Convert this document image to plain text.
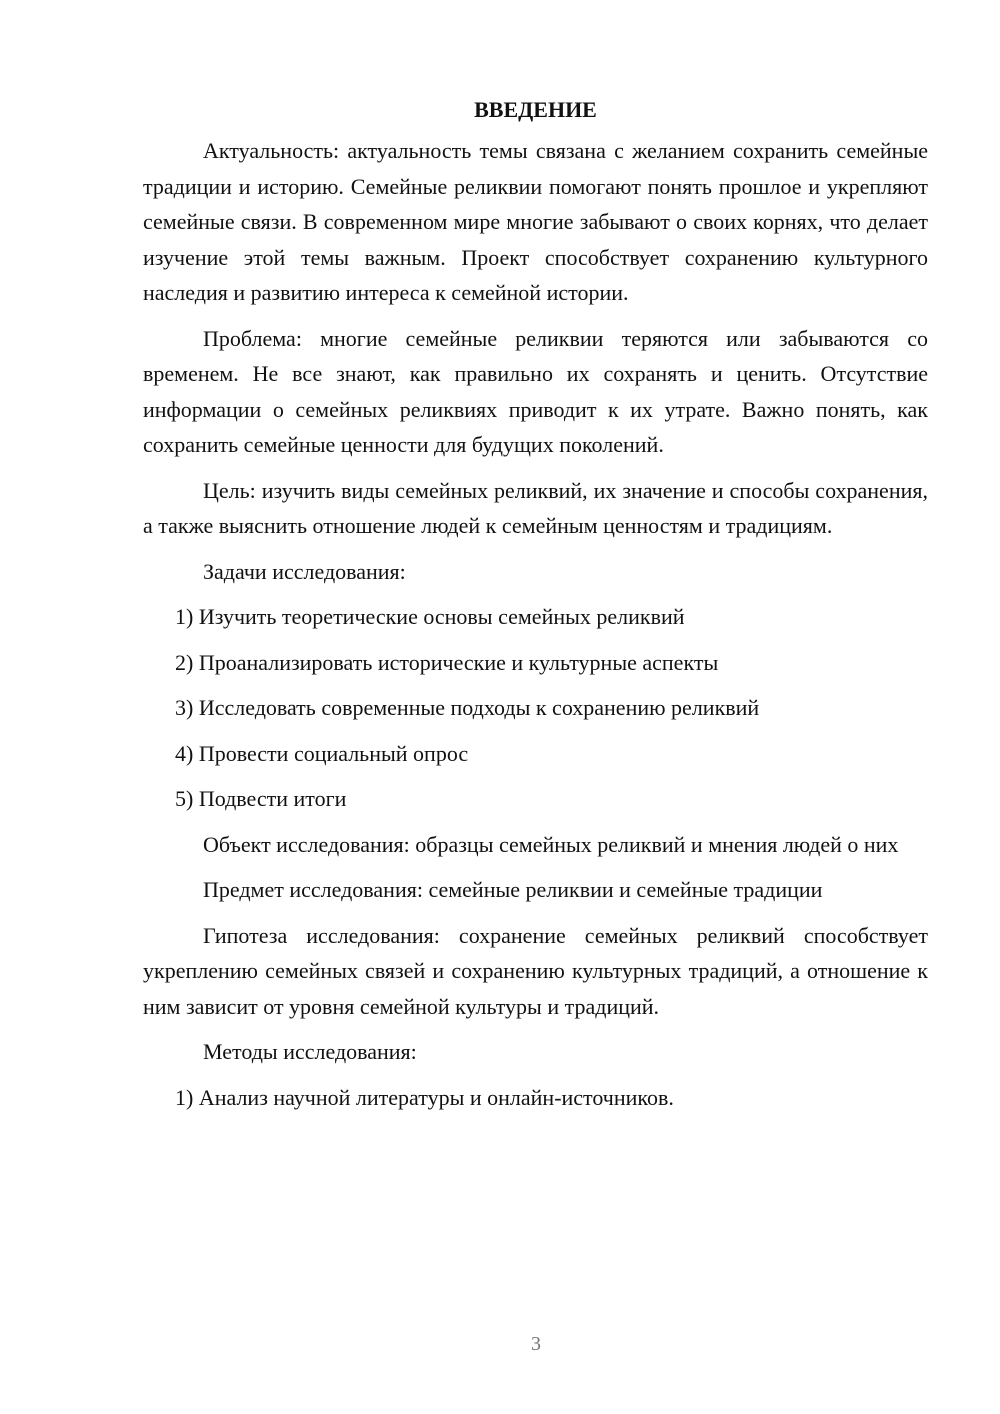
ВВЕДЕНИЕ

Актуальность: актуальность темы связана с желанием сохранить семейные традиции и историю. Семейные реликвии помогают понять прошлое и укрепляют семейные связи. В современном мире многие забывают о своих корнях, что делает изучение этой темы важным. Проект способствует сохранению культурного наследия и развитию интереса к семейной истории.

Проблема: многие семейные реликвии теряются или забываются со временем. Не все знают, как правильно их сохранять и ценить. Отсутствие информации о семейных реликвиях приводит к их утрате. Важно понять, как сохранить семейные ценности для будущих поколений.

Цель: изучить виды семейных реликвий, их значение и способы сохранения, а также выяснить отношение людей к семейным ценностям и традициям.

Задачи исследования:

1) Изучить теоретические основы семейных реликвий
2) Проанализировать исторические и культурные аспекты
3) Исследовать современные подходы к сохранению реликвий
4) Провести социальный опрос
5) Подвести итоги

Объект исследования: образцы семейных реликвий и мнения людей о них

Предмет исследования: семейные реликвии и семейные традиции

Гипотеза исследования: сохранение семейных реликвий способствует укреплению семейных связей и сохранению культурных традиций, а отношение к ним зависит от уровня семейной культуры и традиций.

Методы исследования:

1) Анализ научной литературы и онлайн-источников.
3
